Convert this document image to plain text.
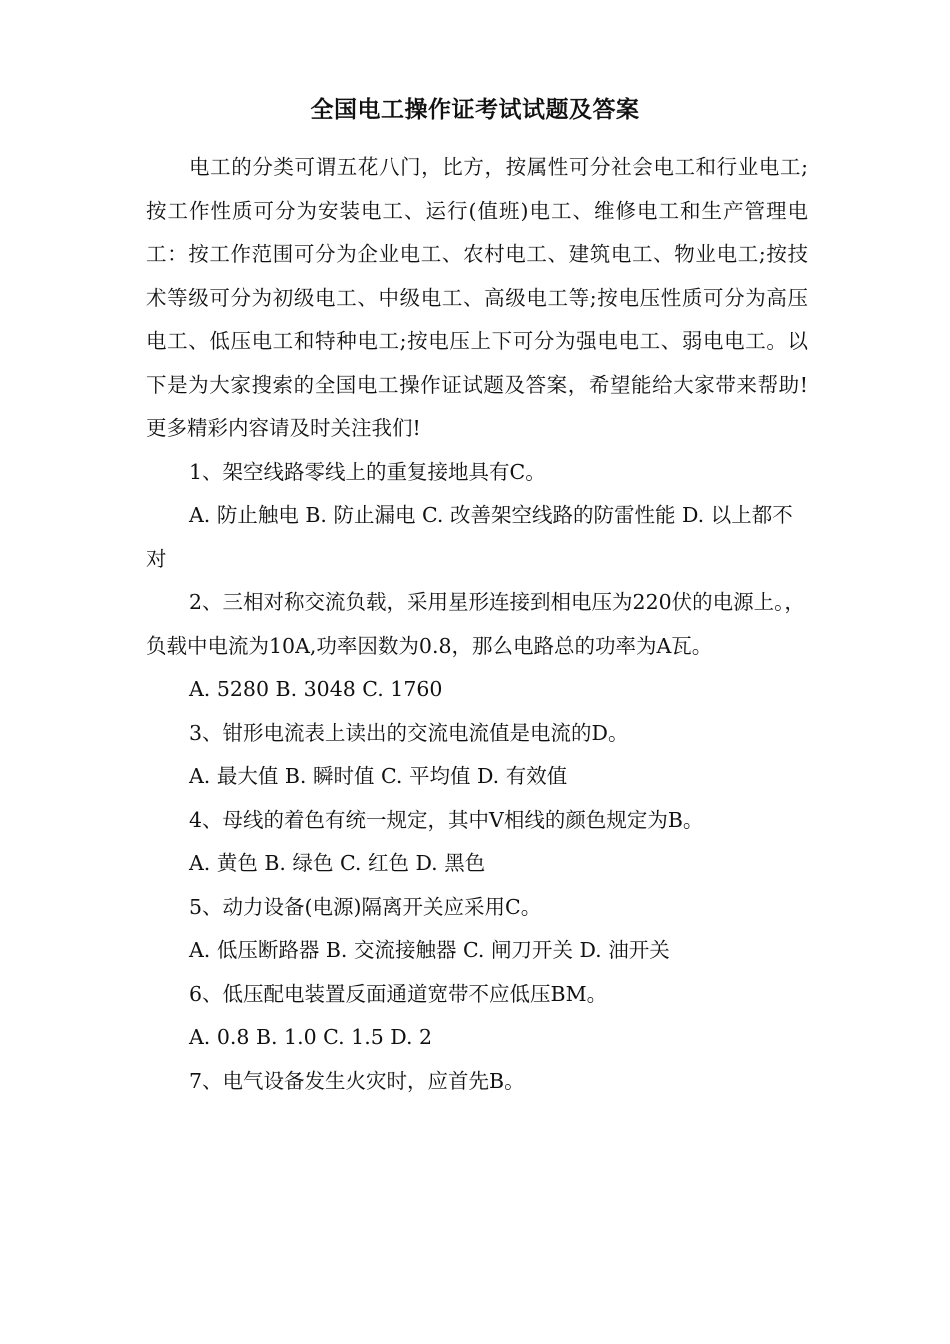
全国电工操作证考试试题及答案

电工的分类可谓五花八门，比方，按属性可分社会电工和行业电工;按工作性质可分为安装电工、运行(值班)电工、维修电工和生产管理电工：按工作范围可分为企业电工、农村电工、建筑电工、物业电工;按技术等级可分为初级电工、中级电工、高级电工等;按电压性质可分为高压电工、低压电工和特种电工;按电压上下可分为强电电工、弱电电工。以下是为大家搜索的全国电工操作证试题及答案，希望能给大家带来帮助!更多精彩内容请及时关注我们!

1、架空线路零线上的重复接地具有C。

A. 防止触电 B. 防止漏电 C. 改善架空线路的防雷性能 D. 以上都不对

2、三相对称交流负载，采用星形连接到相电压为220伏的电源上。，负载中电流为10A,功率因数为0.8，那么电路总的功率为A瓦。

A. 5280 B. 3048 C. 1760

3、钳形电流表上读出的交流电流值是电流的D。

A. 最大值 B. 瞬时值 C. 平均值 D. 有效值

4、母线的着色有统一规定，其中V相线的颜色规定为B。

A. 黄色 B. 绿色 C. 红色 D. 黑色

5、动力设备(电源)隔离开关应采用C。

A. 低压断路器 B. 交流接触器 C. 闸刀开关 D. 油开关

6、低压配电装置反面通道宽带不应低压BM。

A. 0.8 B. 1.0 C. 1.5 D. 2

7、电气设备发生火灾时，应首先B。
